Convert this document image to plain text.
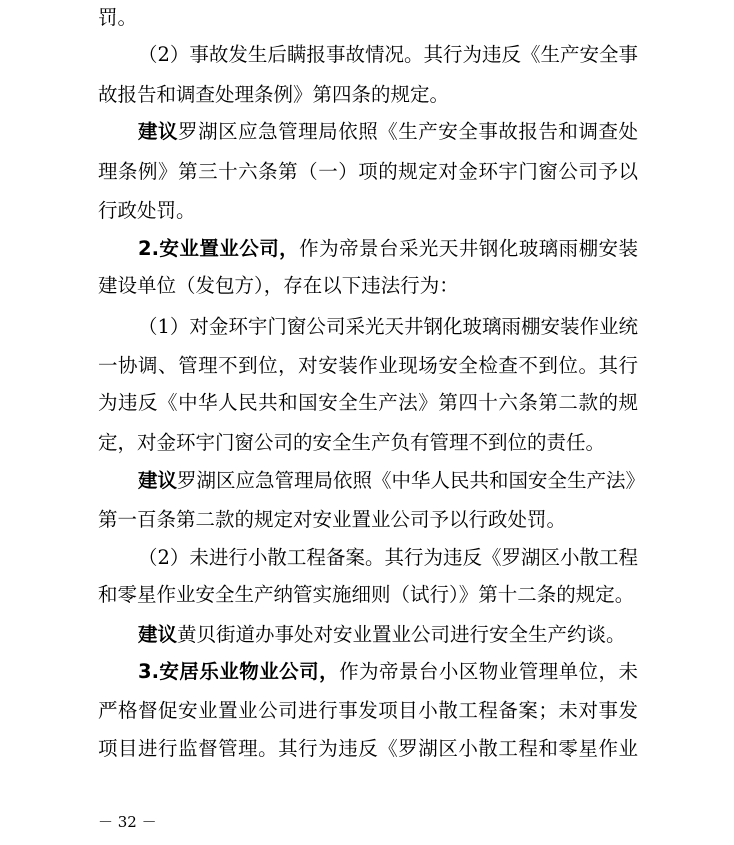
罚。
（2）事故发生后瞒报事故情况。其行为违反《生产安全事
故报告和调查处理条例》第四条的规定。
建议罗湖区应急管理局依照《生产安全事故报告和调查处
理条例》第三十六条第（一）项的规定对金环宇门窗公司予以
行政处罚。
2.安业置业公司，作为帝景台采光天井钢化玻璃雨棚安装
建设单位（发包方），存在以下违法行为：
（1）对金环宇门窗公司采光天井钢化玻璃雨棚安装作业统
一协调、管理不到位，对安装作业现场安全检查不到位。其行
为违反《中华人民共和国安全生产法》第四十六条第二款的规
定，对金环宇门窗公司的安全生产负有管理不到位的责任。
建议罗湖区应急管理局依照《中华人民共和国安全生产法》
第一百条第二款的规定对安业置业公司予以行政处罚。
（2）未进行小散工程备案。其行为违反《罗湖区小散工程
和零星作业安全生产纳管实施细则（试行）》第十二条的规定。
建议黄贝街道办事处对安业置业公司进行安全生产约谈。
3.安居乐业物业公司，作为帝景台小区物业管理单位，未
严格督促安业置业公司进行事发项目小散工程备案；未对事发
项目进行监督管理。其行为违反《罗湖区小散工程和零星作业
－ 32 －
